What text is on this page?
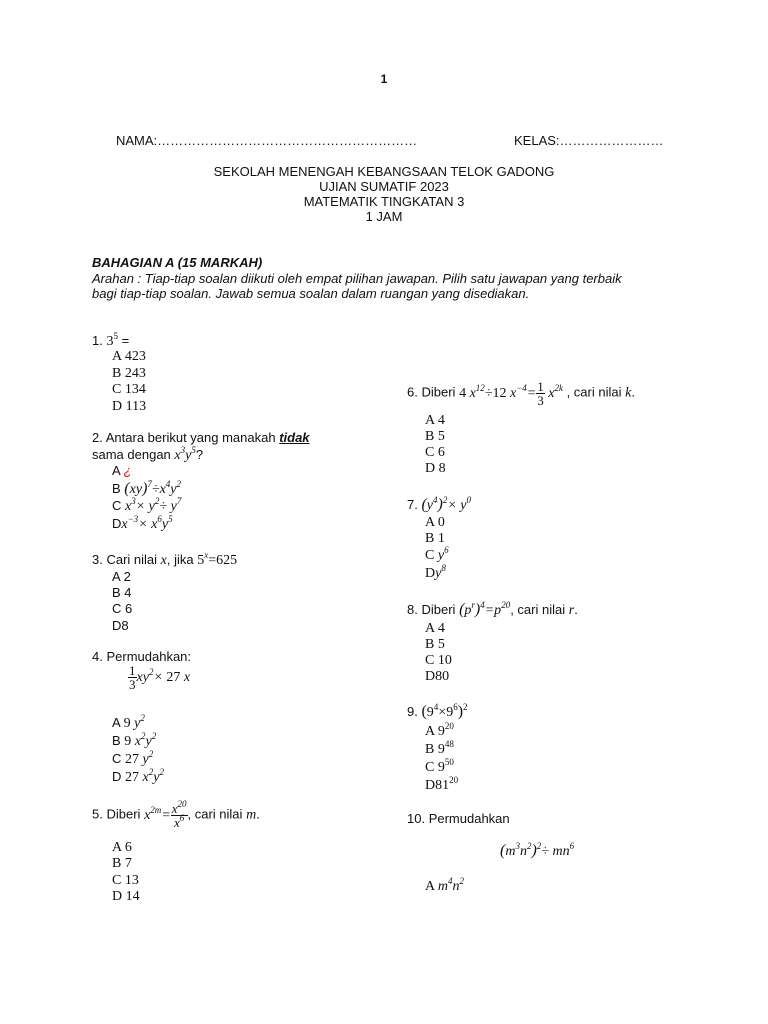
1
NAMA:……………………………………………………	KELAS:……………………
SEKOLAH MENENGAH KEBANGSAAN TELOK GADONG
UJIAN SUMATIF 2023
MATEMATIK TINGKATAN 3
1 JAM
BAHAGIAN A (15 MARKAH)
Arahan : Tiap-tiap soalan diikuti oleh empat pilihan jawapan. Pilih satu jawapan yang terbaik
bagi tiap-tiap soalan. Jawab semua soalan dalam ruangan yang disediakan.
1. $3^5$ =
A 423
B 243
C 134
D 113
2. Antara berikut yang manakah tidak
sama dengan $x^3y^5$?
A ¿
B $(xy)^7\div x^4y^2$
C $x^3\times y^2\div y^7$
$Dx^{-3}\times x^6y^5$
3. Cari nilai x, jika $5^x=625$
A 2
B 4
C 6
D8
4. Permudahkan:
$\frac{1}{3} xy^2\times 27$ x
A 9 $y^2$
B 9 $x^2y^2$
C 27 $y^2$
D 27 $x^2y^2$
5. Diberi $x^{2m}= \frac{x^{20}}{x^6}$ , cari nilai m.
A 6
B 7
C 13
D 14
6. Diberi 4 $x^{12}\div 12$ $x^{-4}= \frac{1}{3} x^{2k}$ , cari nilai k.
A 4
B 5
C 6
D 8
7. $(y^4)^2\times y^0$
A 0
B 1
C $y^6$
Dy$^8$
8. Diberi $(p^r)^4=p^{20}$, cari nilai r.
A 4
B 5
C 10
D80
9. $(9^4\times 9^6)^2$
A $9^{20}$
B $9^{48}$
C $9^{50}$
$D81^{20}$
10. Permudahkan
$(m^3n^2)^2\div mn^6$
A $m^4n^2$
